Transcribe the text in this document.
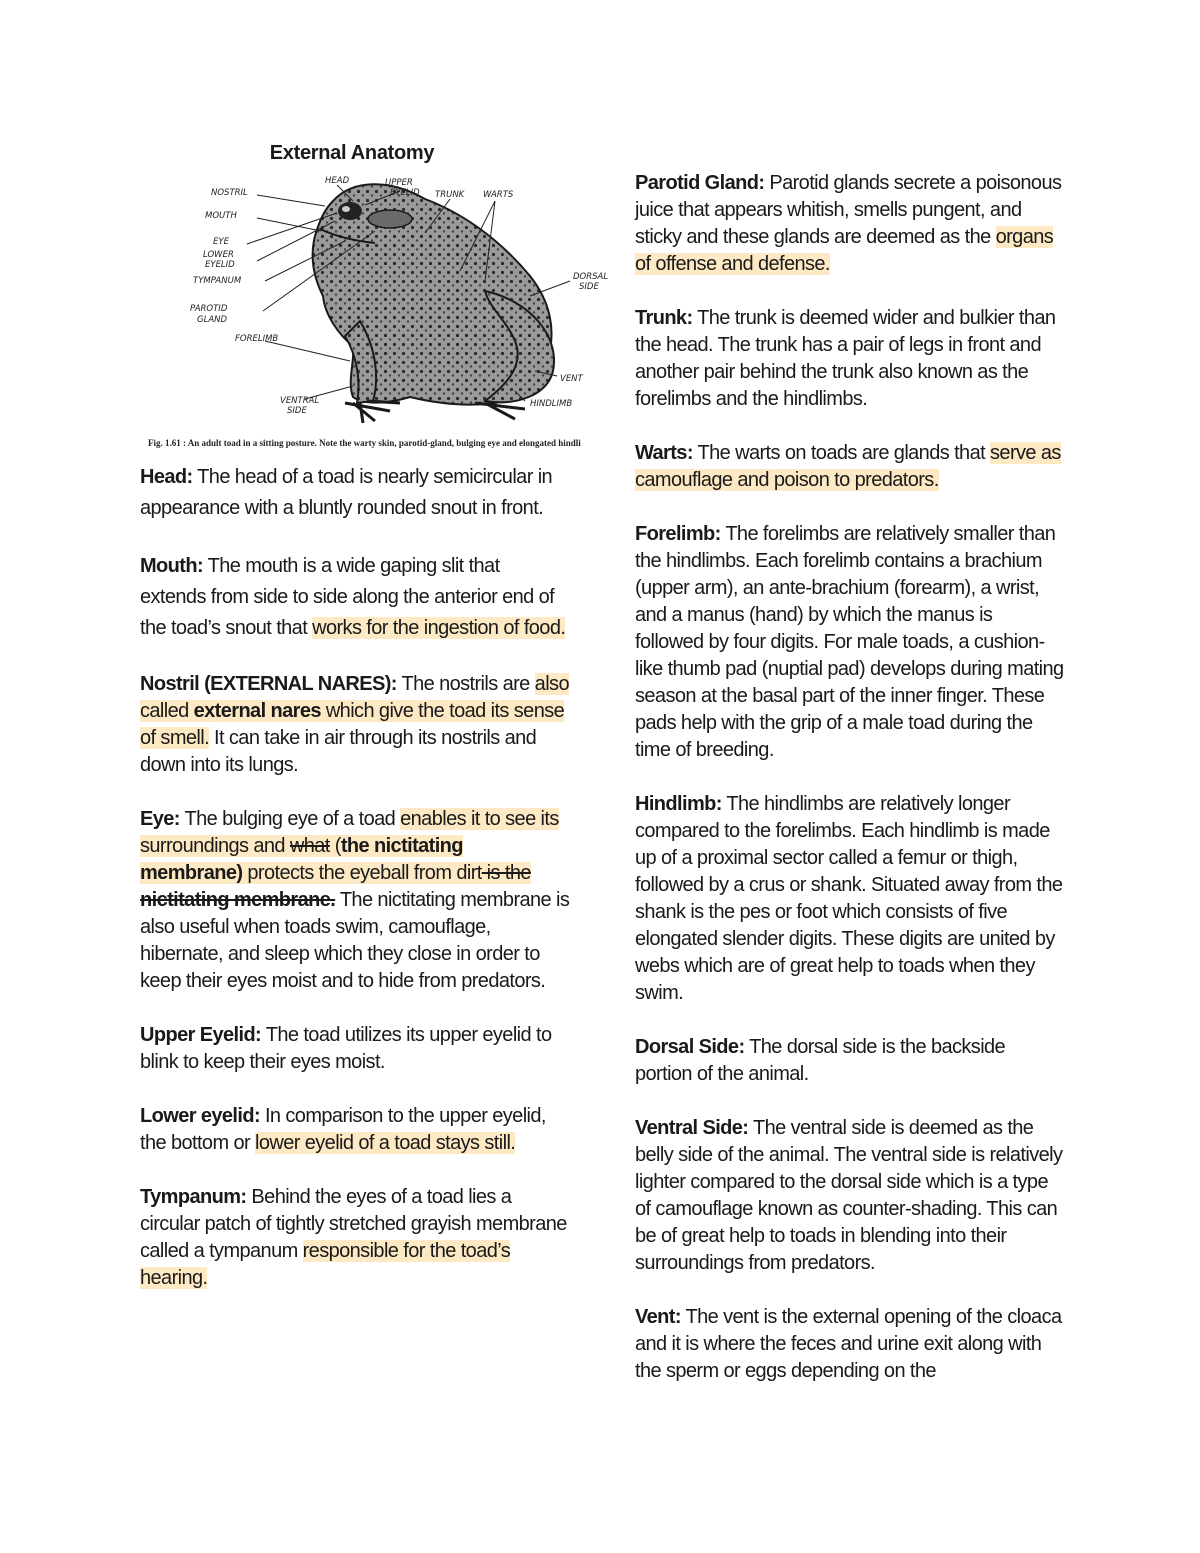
External Anatomy
NOSTRIL
MOUTH
EYE
LOWER
EYELID
TYMPANUM
PAROTID
GLAND
FORELIMB
VENTRAL
SIDE
HEAD	UPPER
EYELID TRUNK WARTS
DORSAL
SIDE
VENT
HINDLIMB
Fig. 1.61 : An adult toad in a sitting posture. Note the warty skin, parotid-gland, bulging eye and elongated hindli

Head: The head of a toad is nearly semicircular in appearance with a bluntly rounded snout in front.

Mouth: The mouth is a wide gaping slit that extends from side to side along the anterior end of the toad’s snout that works for the ingestion of food.

Nostril (EXTERNAL NARES): The nostrils are also called external nares which give the toad its sense of smell. It can take in air through its nostrils and down into its lungs.

Eye: The bulging eye of a toad enables it to see its surroundings and what (the nictitating membrane) protects the eyeball from dirt is the nictitating membrane. The nictitating membrane is also useful when toads swim, camouflage, hibernate, and sleep which they close in order to keep their eyes moist and to hide from predators.

Upper Eyelid: The toad utilizes its upper eyelid to blink to keep their eyes moist.

Lower eyelid: In comparison to the upper eyelid, the bottom or lower eyelid of a toad stays still.

Tympanum: Behind the eyes of a toad lies a circular patch of tightly stretched grayish membrane called a tympanum responsible for the toad’s hearing.

Parotid Gland: Parotid glands secrete a poisonous juice that appears whitish, smells pungent, and sticky and these glands are deemed as the organs of offense and defense.

Trunk: The trunk is deemed wider and bulkier than the head. The trunk has a pair of legs in front and another pair behind the trunk also known as the forelimbs and the hindlimbs.

Warts: The warts on toads are glands that serve as camouflage and poison to predators.

Forelimb: The forelimbs are relatively smaller than the hindlimbs. Each forelimb contains a brachium (upper arm), an ante-brachium (forearm), a wrist, and a manus (hand) by which the manus is followed by four digits. For male toads, a cushion-like thumb pad (nuptial pad) develops during mating season at the basal part of the inner finger. These pads help with the grip of a male toad during the time of breeding.

Hindlimb: The hindlimbs are relatively longer compared to the forelimbs. Each hindlimb is made up of a proximal sector called a femur or thigh, followed by a crus or shank. Situated away from the shank is the pes or foot which consists of five elongated slender digits. These digits are united by webs which are of great help to toads when they swim.

Dorsal Side: The dorsal side is the backside portion of the animal.

Ventral Side: The ventral side is deemed as the belly side of the animal. The ventral side is relatively lighter compared to the dorsal side which is a type of camouflage known as counter-shading. This can be of great help to toads in blending into their surroundings from predators.

Vent: The vent is the external opening of the cloaca and it is where the feces and urine exit along with the sperm or eggs depending on the
